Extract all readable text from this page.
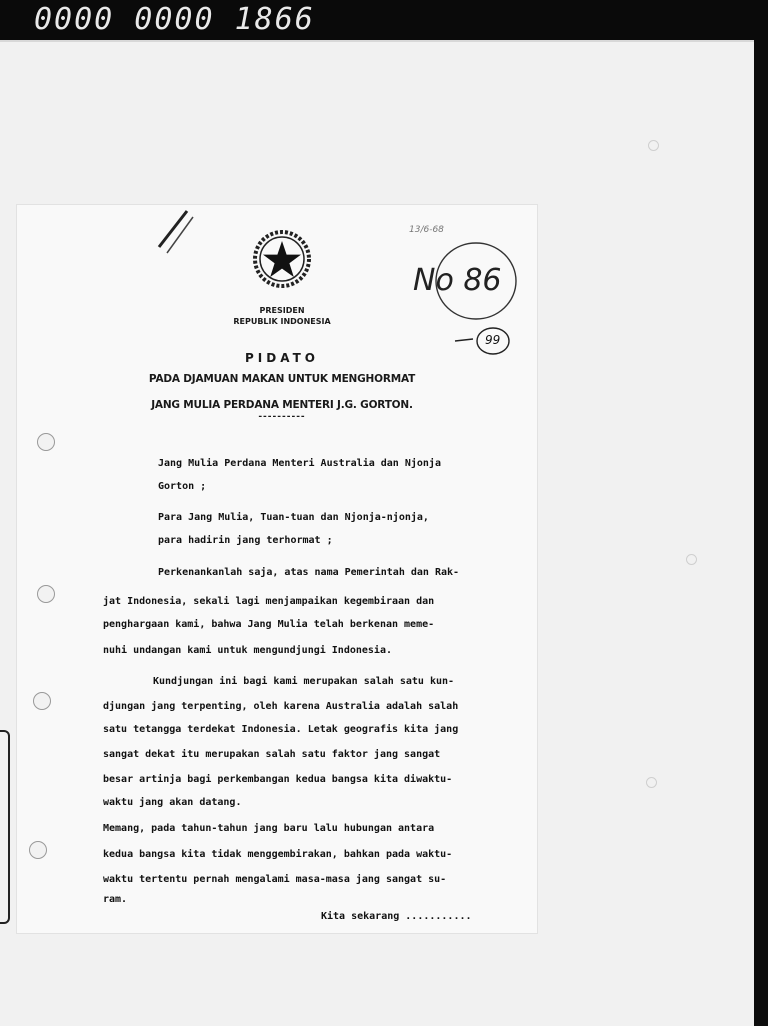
0000 0000 1866
PRESIDEN
REPUBLIK INDONESIA
13/6-68
No 86
99
PIDATO
PADA DJAMUAN MAKAN UNTUK MENGHORMAT
JANG MULIA PERDANA MENTERI J.G. GORTON.
----------
Jang Mulia Perdana Menteri Australia dan Njonja
Gorton ;
Para Jang Mulia, Tuan-tuan dan Njonja-njonja,
para hadirin jang terhormat ;
Perkenankanlah saja, atas nama Pemerintah dan Rak-
jat Indonesia, sekali lagi menjampaikan kegembiraan dan
penghargaan kami, bahwa Jang Mulia telah berkenan meme-
nuhi undangan kami untuk mengundjungi Indonesia.
Kundjungan ini bagi kami merupakan salah satu kun-
djungan jang terpenting, oleh karena Australia adalah salah
satu tetangga terdekat Indonesia. Letak geografis kita jang
sangat dekat itu merupakan salah satu faktor jang sangat
besar artinja bagi perkembangan kedua bangsa kita diwaktu-
waktu jang akan datang.
Memang, pada tahun-tahun jang baru lalu hubungan antara
kedua bangsa kita tidak menggembirakan, bahkan pada waktu-
waktu tertentu pernah mengalami masa-masa jang sangat su-
ram.
Kita sekarang ...........
